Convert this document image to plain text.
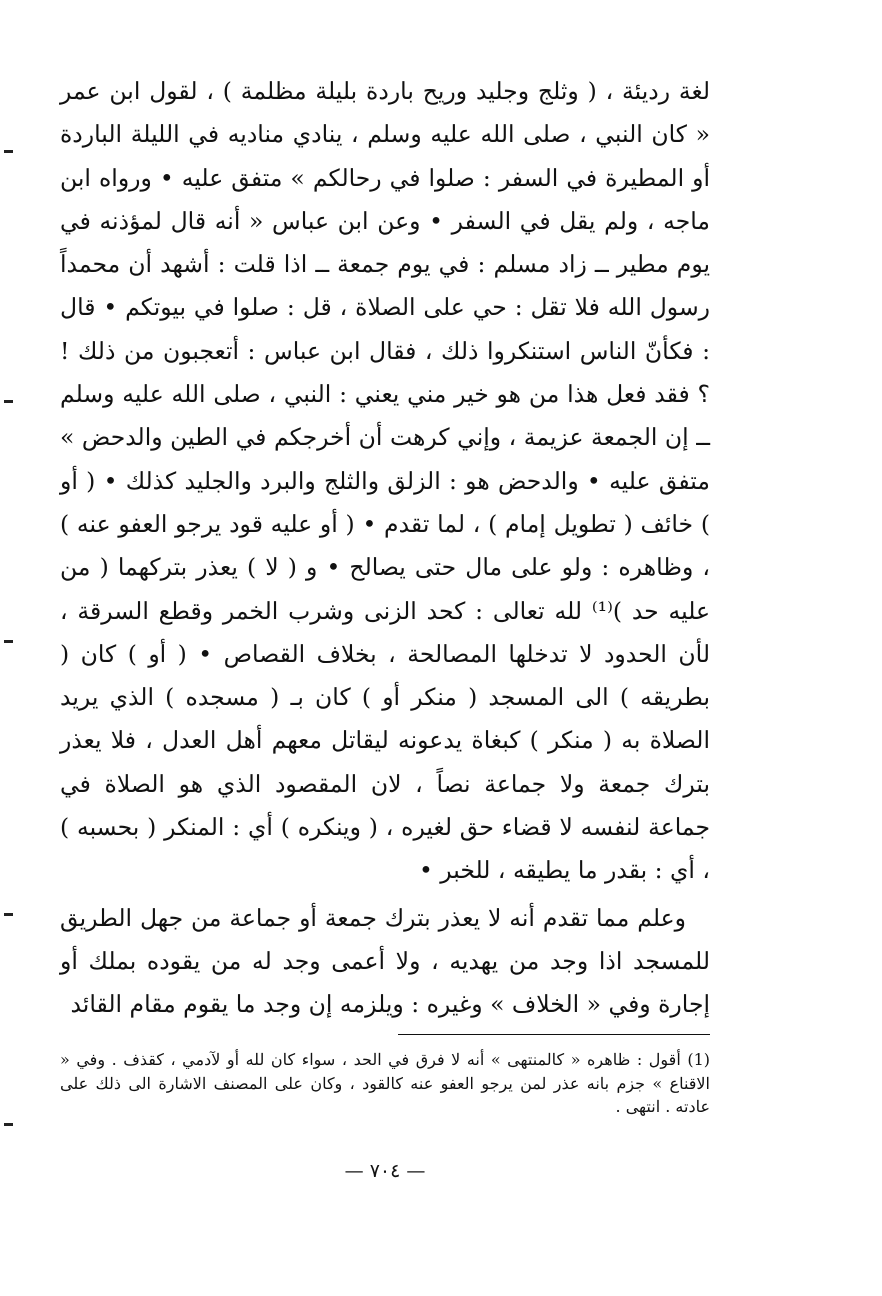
لغة رديئة ، ( وثلج وجليد وريح باردة بليلة مظلمة ) ، لقول ابن عمر « كان النبي ، صلى الله عليه وسلم ، ينادي مناديه في الليلة الباردة أو المطيرة في السفر : صلوا في رحالكم » متفق عليه • ورواه ابن ماجه ، ولم يقل في السفر • وعن ابن عباس « أنه قال لمؤذنه في يوم مطير ــ زاد مسلم : في يوم جمعة ــ اذا قلت : أشهد أن محمداً رسول الله فلا تقل : حي على الصلاة ، قل : صلوا في بيوتكم • قال : فكأنّ الناس استنكروا ذلك ، فقال ابن عباس : أتعجبون من ذلك ! ؟ فقد فعل هذا من هو خير مني يعني : النبي ، صلى الله عليه وسلم ــ إن الجمعة عزيمة ، وإني كرهت أن أخرجكم في الطين والدحض » متفق عليه • والدحض هو : الزلق والثلج والبرد والجليد كذلك • ( أو ) خائف ( تطويل إمام ) ، لما تقدم • ( أو عليه قود يرجو العفو عنه ) ، وظاهره : ولو على مال حتى يصالح • و ( لا ) يعذر بتركهما ( من عليه حد )⁽¹⁾ لله تعالى : كحد الزنى وشرب الخمر وقطع السرقة ، لأن الحدود لا تدخلها المصالحة ، بخلاف القصاص • ( أو ) كان ( بطريقه ) الى المسجد ( منكر أو ) كان بـ ( مسجده ) الذي يريد الصلاة به ( منكر ) كبغاة يدعونه ليقاتل معهم أهل العدل ، فلا يعذر بترك جمعة ولا جماعة نصاً ، لان المقصود الذي هو الصلاة في جماعة لنفسه لا قضاء حق لغيره ، ( وينكره ) أي : المنكر ( بحسبه ) ، أي : بقدر ما يطيقه ، للخبر •

وعلم مما تقدم أنه لا يعذر بترك جمعة أو جماعة من جهل الطريق للمسجد اذا وجد من يهديه ، ولا أعمى وجد له من يقوده بملك أو إجارة وفي « الخلاف » وغيره : ويلزمه إن وجد ما يقوم مقام القائد

(1) أقول : ظاهره « كالمنتهى » أنه لا فرق في الحد ، سواء كان لله أو لآدمي ، كقذف . وفي « الاقناع » جزم بانه عذر لمن يرجو العفو عنه كالقود ، وكان على المصنف الاشارة الى ذلك على عادته . انتهى .

— ٧٠٤ —
